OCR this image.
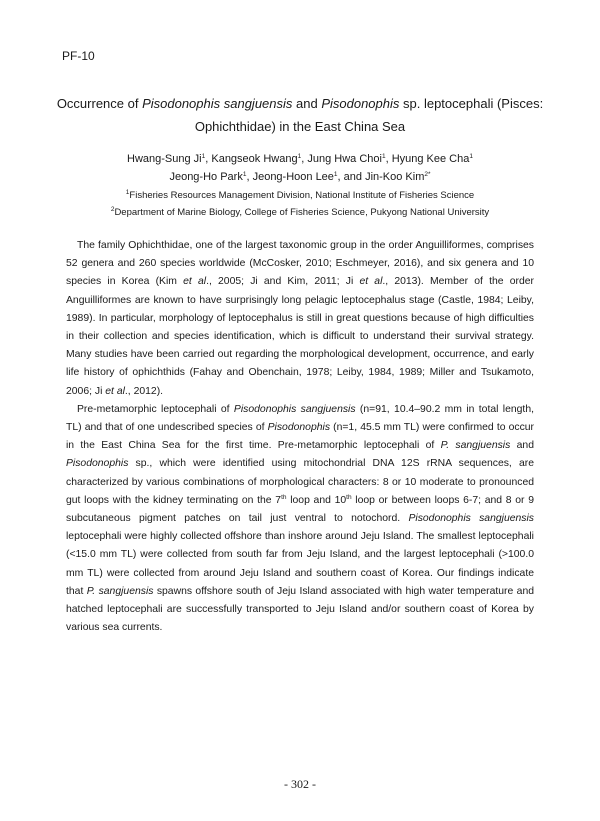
PF-10
Occurrence of Pisodonophis sangjuensis and Pisodonophis sp. leptocephali (Pisces:
Ophichthidae) in the East China Sea
Hwang-Sung Ji$^1$, Kangseok Hwang$^1$, Jung Hwa Choi$^1$, Hyung Kee Cha$^1$
Jeong-Ho Park$^1$, Jeong-Hoon Lee$^1$, and Jin-Koo Kim$^{2*}$
$^1$Fisheries Resources Management Division, National Institute of Fisheries Science
$^2$Department of Marine Biology, College of Fisheries Science, Pukyong National University

The family Ophichthidae, one of the largest taxonomic group in the order Anguilliformes, comprises 52 genera and 260 species worldwide (McCosker, 2010; Eschmeyer, 2016), and six genera and 10 species in Korea (Kim et al., 2005; Ji and Kim, 2011; Ji et al., 2013). Member of the order Anguilliformes are known to have surprisingly long pelagic leptocephalus stage (Castle, 1984; Leiby, 1989). In particular, morphology of leptocephalus is still in great questions because of high difficulties in their collection and species identification, which is difficult to understand their survival strategy. Many studies have been carried out regarding the morphological development, occurrence, and early life history of ophichthids (Fahay and Obenchain, 1978; Leiby, 1984, 1989; Miller and Tsukamoto, 2006; Ji et al., 2012).

Pre-metamorphic leptocephali of Pisodonophis sangjuensis (n=91, 10.4–90.2 mm in total length, TL) and that of one undescribed species of Pisodonophis (n=1, 45.5 mm TL) were confirmed to occur in the East China Sea for the first time. Pre-metamorphic leptocephali of P. sangjuensis and Pisodonophis sp., which were identified using mitochondrial DNA 12S rRNA sequences, are characterized by various combinations of morphological characters: 8 or 10 moderate to pronounced gut loops with the kidney terminating on the 7th loop and 10th loop or between loops 6-7; and 8 or 9 subcutaneous pigment patches on tail just ventral to notochord. Pisodonophis sangjuensis leptocephali were highly collected offshore than inshore around Jeju Island. The smallest leptocephali (<15.0 mm TL) were collected from south far from Jeju Island, and the largest leptocephali (>100.0 mm TL) were collected from around Jeju Island and southern coast of Korea. Our findings indicate that P. sangjuensis spawns offshore south of Jeju Island associated with high water temperature and hatched leptocephali are successfully transported to Jeju Island and/or southern coast of Korea by various sea currents.

- 302 -
